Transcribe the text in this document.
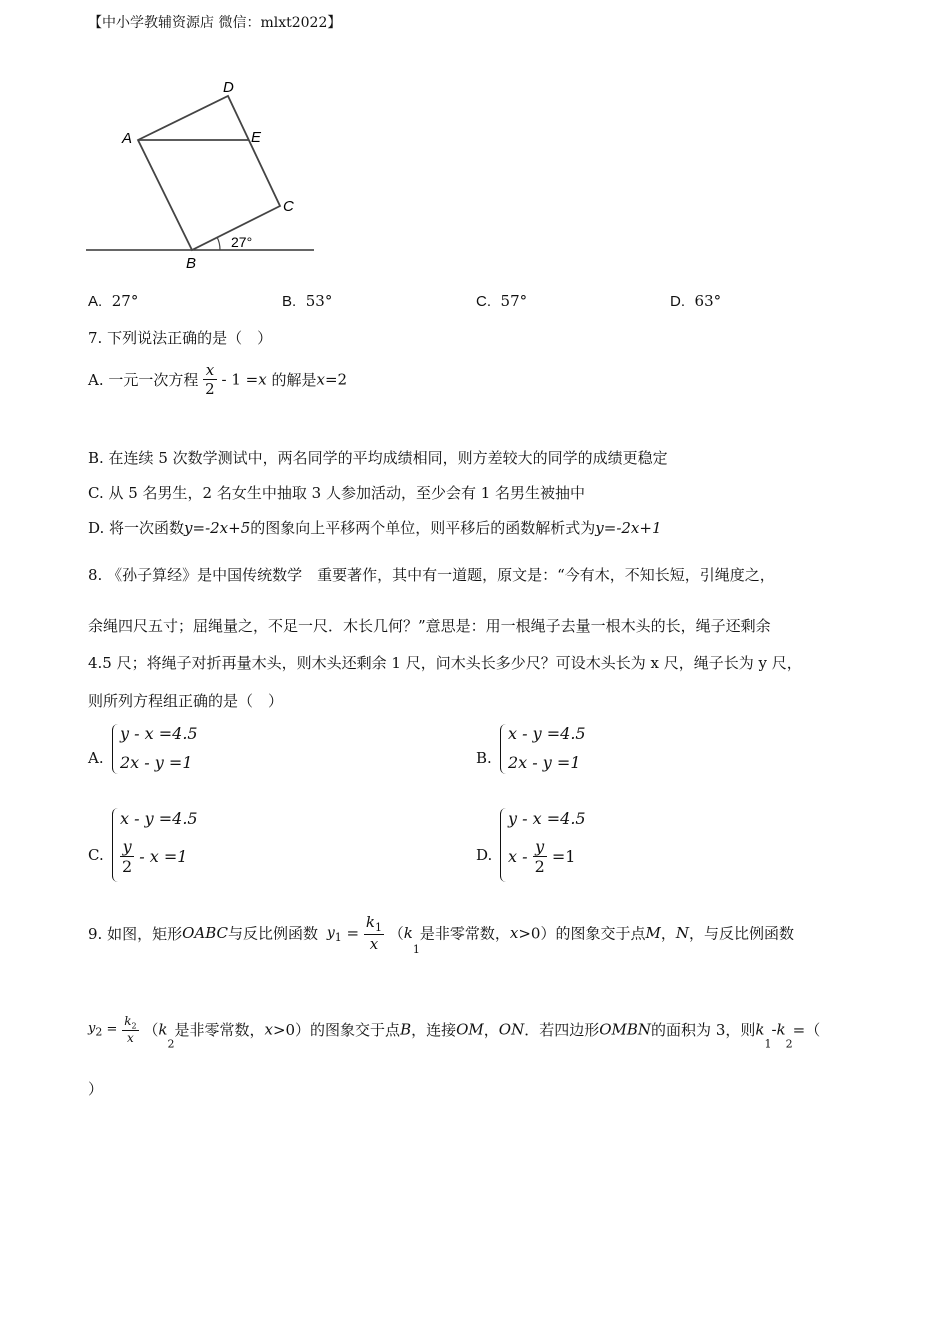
【中小学教辅资源店 微信：mlxt2022】
A
D
E
C
B
27°
A. 27°	B. 53°	C. 57°	D. 63°
7. 下列说法正确的是（　）
A. 一元一次方程 $\frac{x}{2} - 1 =x$ 的解是x=2
B. 在连续 5 次数学测试中，两名同学的平均成绩相同，则方差较大的同学的成绩更稳定
C. 从 5 名男生，2 名女生中抽取 3 人参加活动，至少会有 1 名男生被抽中
D. 将一次函数y=-2x+5的图象向上平移两个单位，则平移后的函数解析式为y=-2x+1
8. 《孙子算经》是中国传统数学　重要著作，其中有一道题，原文是：“今有木，不知长短，引绳度之，
余绳四尺五寸；屈绳量之，不足一尺．木长几何？”意思是：用一根绳子去量一根木头的长，绳子还剩余
4.5 尺；将绳子对折再量木头，则木头还剩余 1 尺，问木头长多少尺？可设木头长为 x 尺，绳子长为 y 尺，
则所列方程组正确的是（　）
A.
y - x =4.5
2x - y =1	B.
x - y =4.5
2x - y =1
C.
x - y =4.5
$\frac{y}{2} - x =1$	D.
y - x =4.5
$x - \frac{y}{2} =1$
9. 如图，矩形OABC与反比例函数 $y_1 = \frac{k_1}{x} (k_1$是非零常数，x>0）的图象交于点M，N，与反比例函数
$y_2 = \frac{k_2}{x} (k_2$是非零常数，x>0）的图象交于点B，连接OM，ON．若四边形OMBN的面积为 3，则$k_1-k_2=$（
）
